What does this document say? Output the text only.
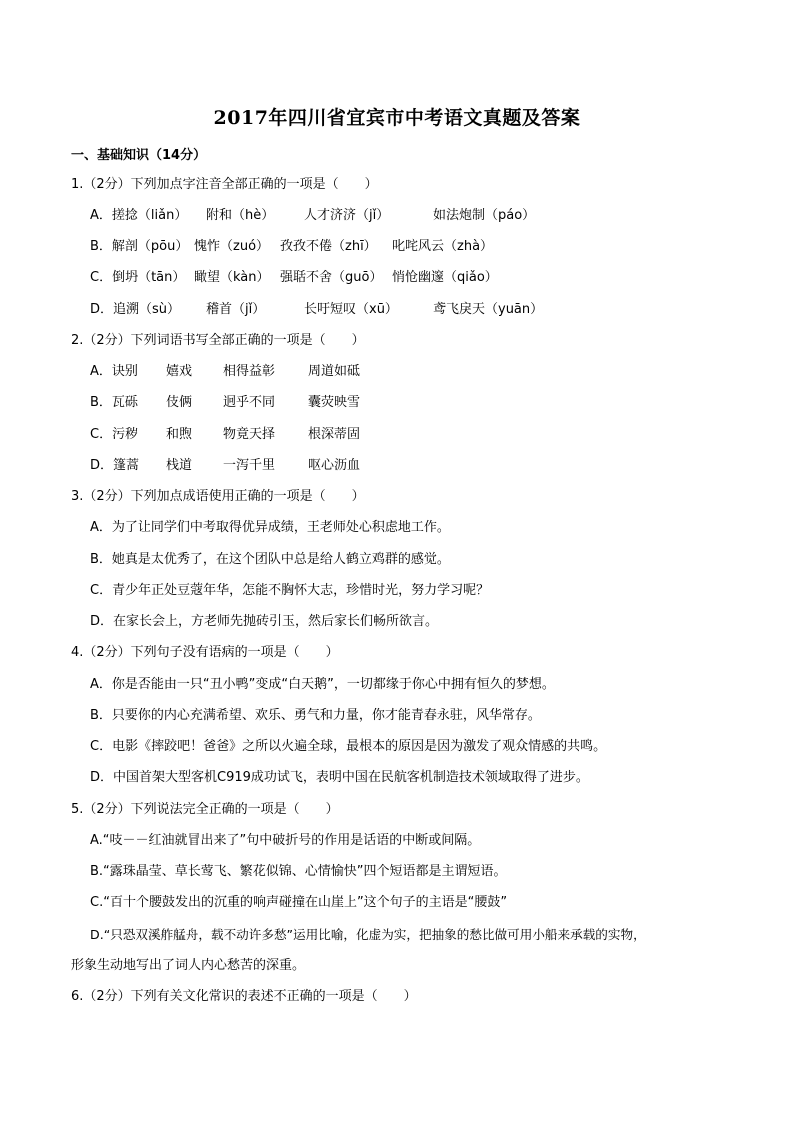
2017年四川省宜宾市中考语文真题及答案
一、基础知识（14分）
1.（2分）下列加点字注音全部正确的一项是（　　）
A．搓捻（liǎn） 附和（hè） 人才济济（jǐ）	如法炮制（páo）
B．解剖（pōu） 愧怍（zuó） 孜孜不倦（zhī） 叱咤风云（zhà）
C．倒坍（tān） 瞰望（kàn） 强聒不舍（guō） 悄怆幽邃（qiǎo）
D．追溯（sù） 稽首（jǐ）	长吁短叹（xū）	鸢飞戾天（yuān）
2.（2分）下列词语书写全部正确的一项是（　　）
A．诀别 嬉戏 相得益彰	周道如砥
B．瓦砾 伎俩 迥乎不同	囊荧映雪
C．污秽 和煦 物竟天择	根深蒂固
D．篷蒿 栈道 一泻千里	呕心沥血
3.（2分）下列加点成语使用正确的一项是（　　）
A．为了让同学们中考取得优异成绩，王老师处心积虑地工作。
B．她真是太优秀了，在这个团队中总是给人鹤立鸡群的感觉。
C．青少年正处豆蔻年华，怎能不胸怀大志，珍惜时光，努力学习呢？
D．在家长会上，方老师先抛砖引玉，然后家长们畅所欲言。
4.（2分）下列句子没有语病的一项是（　　）
A．你是否能由一只“丑小鸭”变成“白天鹅”，一切都缘于你心中拥有恒久的梦想。
B．只要你的内心充满希望、欢乐、勇气和力量，你才能青春永驻，风华常存。
C．电影《摔跤吧！爸爸》之所以火遍全球，最根本的原因是因为激发了观众情感的共鸣。
D．中国首架大型客机C919成功试飞，表明中国在民航客机制造技术领域取得了进步。
5.（2分）下列说法完全正确的一项是（　　）
A.“吱－－红油就冒出来了”句中破折号的作用是话语的中断或间隔。
B.“露珠晶莹、草长莺飞、繁花似锦、心情愉快”四个短语都是主谓短语。
C.“百十个腰鼓发出的沉重的响声碰撞在山崖上”这个句子的主语是“腰鼓”
D.“只恐双溪舴艋舟，载不动许多愁”运用比喻，化虚为实，把抽象的愁比做可用小船来承载的实物，
形象生动地写出了词人内心愁苦的深重。
6.（2分）下列有关文化常识的表述不正确的一项是（　　）
